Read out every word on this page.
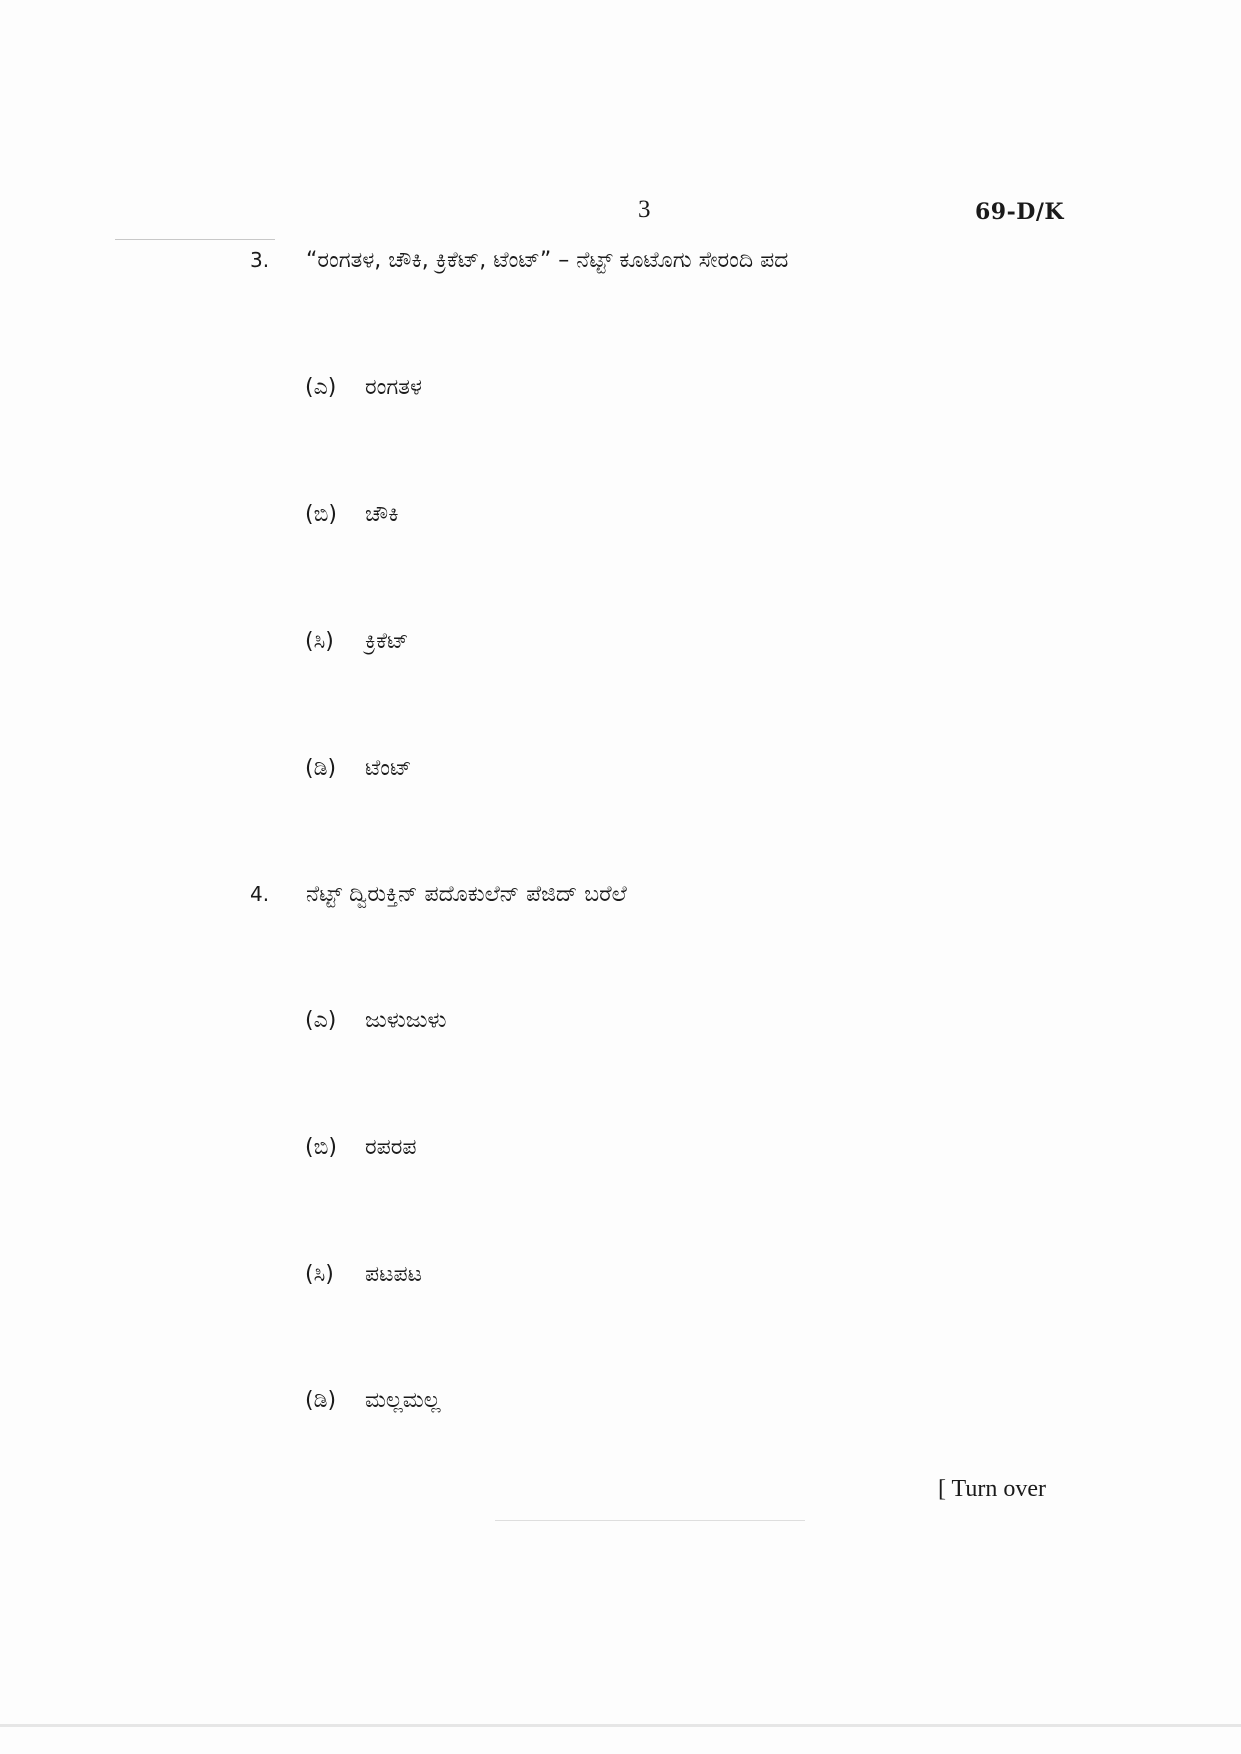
3	69-D/K
3.	“ರಂಗತಳ, ಚೌಕಿ, ಕ್ರಿಕೆಟ್, ಟೆಂಟ್” – ನೆಟ್ಟ್ ಕೂಟೊಗು ಸೇರಂದಿ ಪದ
(ಎ)	ರಂಗತಳ
(ಬಿ)	ಚೌಕಿ
(ಸಿ)	ಕ್ರಿಕೆಟ್
(ಡಿ)	ಟೆಂಟ್
4.	ನೆಟ್ಟ್ ದ್ವಿರುಕ್ತಿನ್ ಪದೊಕುಲೆನ್ ಪೆಜಿದ್ ಬರೆಲೆ
(ಎ)	ಜುಳುಜುಳು
(ಬಿ)	ರಪರಪ
(ಸಿ)	ಪಟಪಟ
(ಡಿ)	ಮಲ್ಲಮಲ್ಲ
[ Turn over
